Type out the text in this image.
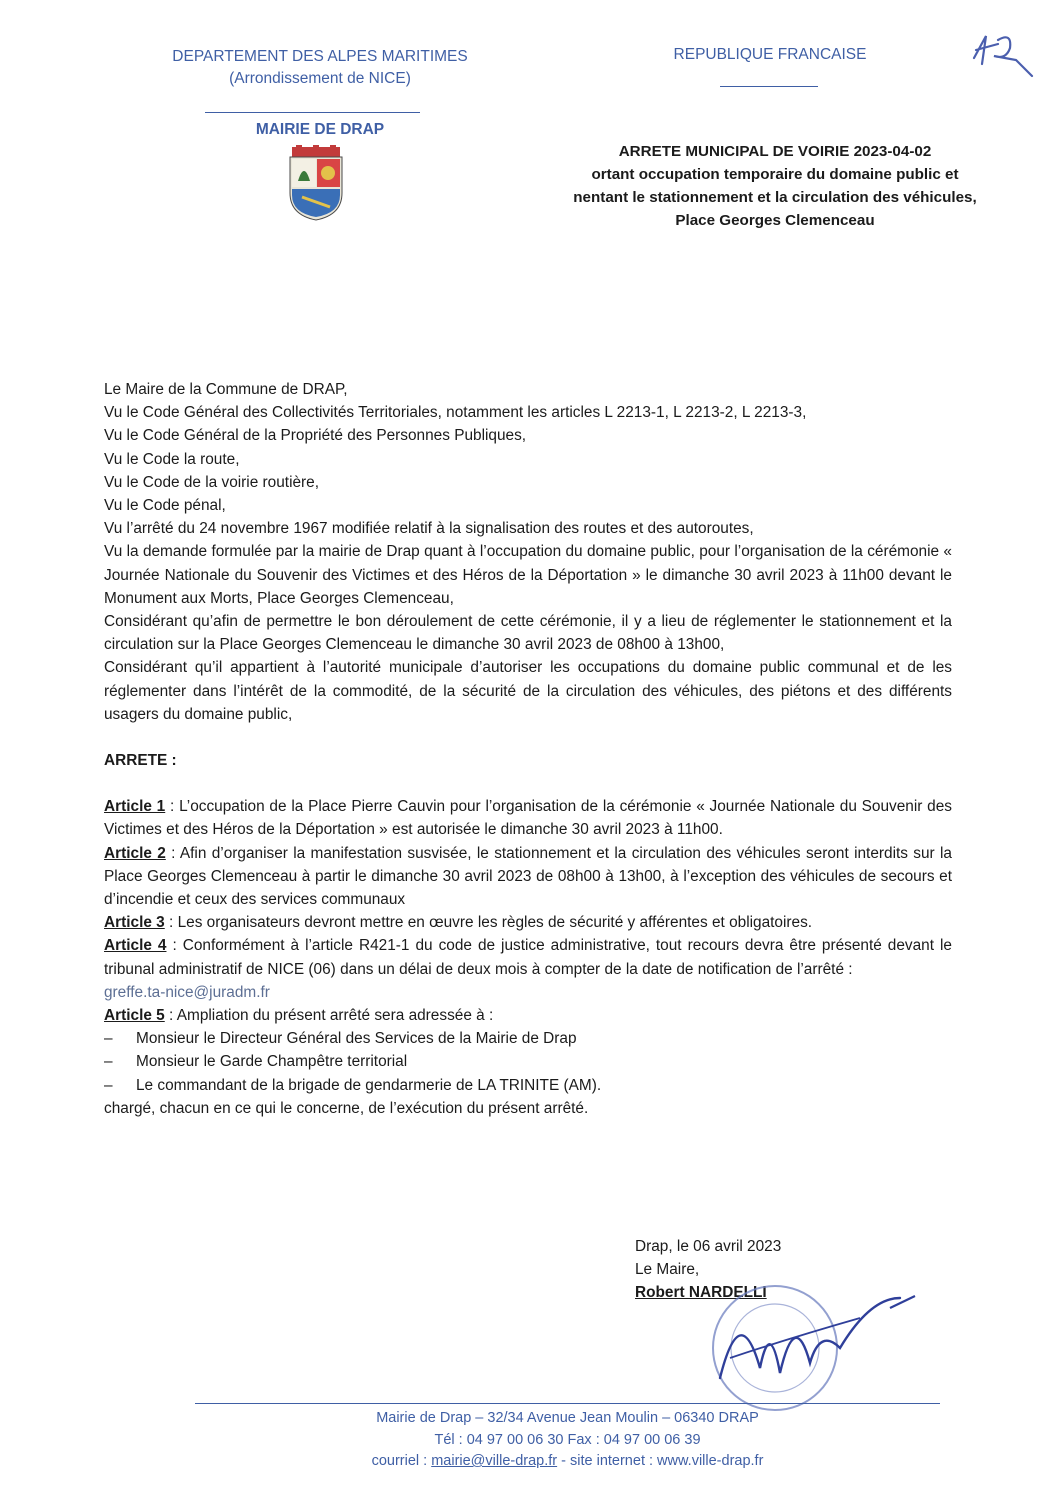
DEPARTEMENT DES ALPES MARITIMES
(Arrondissement de NICE)
MAIRIE DE DRAP
REPUBLIQUE FRANCAISE
ARRETE MUNICIPAL DE VOIRIE 2023-04-02
ortant occupation temporaire du domaine public et
nentant le stationnement et la circulation des véhicules,
Place Georges Clemenceau

Le Maire de la Commune de DRAP,

Vu le Code Général des Collectivités Territoriales, notamment les articles L 2213-1, L 2213-2, L 2213-3,

Vu le Code Général de la Propriété des Personnes Publiques,

Vu le Code la route,

Vu le Code de la voirie routière,

Vu le Code pénal,

Vu l’arrêté du 24 novembre 1967 modifiée relatif à la signalisation des routes et des autoroutes,

Vu la demande formulée par la mairie de Drap quant à l’occupation du domaine public, pour l’organisation de la cérémonie « Journée Nationale du Souvenir des Victimes et des Héros de la Déportation » le dimanche 30 avril 2023 à 11h00 devant le Monument aux Morts, Place Georges Clemenceau,

Considérant qu’afin de permettre le bon déroulement de cette cérémonie, il y a lieu de réglementer le stationnement et la circulation sur la Place Georges Clemenceau le dimanche 30 avril 2023 de 08h00 à 13h00,

Considérant qu’il appartient à l’autorité municipale d’autoriser les occupations du domaine public communal et de les réglementer dans l’intérêt de la commodité, de la sécurité de la circulation des véhicules, des piétons et des différents usagers du domaine public,

ARRETE :

Article 1 : L’occupation de la Place Pierre Cauvin pour l’organisation de la cérémonie « Journée Nationale du Souvenir des Victimes et des Héros de la Déportation » est autorisée le dimanche 30 avril 2023 à 11h00.

Article 2 : Afin d’organiser la manifestation susvisée, le stationnement et la circulation des véhicules seront interdits sur la Place Georges Clemenceau à partir le dimanche 30 avril 2023 de 08h00 à 13h00, à l’exception des véhicules de secours et d’incendie et ceux des services communaux

Article 3 : Les organisateurs devront mettre en œuvre les règles de sécurité y afférentes et obligatoires.

Article 4 : Conformément à l’article R421-1 du code de justice administrative, tout recours devra être présenté devant le tribunal administratif de NICE (06) dans un délai de deux mois à compter de la date de notification de l’arrêté :

greffe.ta-nice@juradm.fr

Article 5 : Ampliation du présent arrêté sera adressée à :

– Monsieur le Directeur Général des Services de la Mairie de Drap

– Monsieur le Garde Champêtre territorial

– Le commandant de la brigade de gendarmerie de LA TRINITE (AM).

chargé, chacun en ce qui le concerne, de l’exécution du présent arrêté.

Drap, le 06 avril 2023
Le Maire,
Robert NARDELLI
Mairie de Drap – 32/34 Avenue Jean Moulin – 06340 DRAP
Tél : 04 97 00 06 30 Fax : 04 97 00 06 39
courriel : mairie@ville-drap.fr - site internet : www.ville-drap.fr
